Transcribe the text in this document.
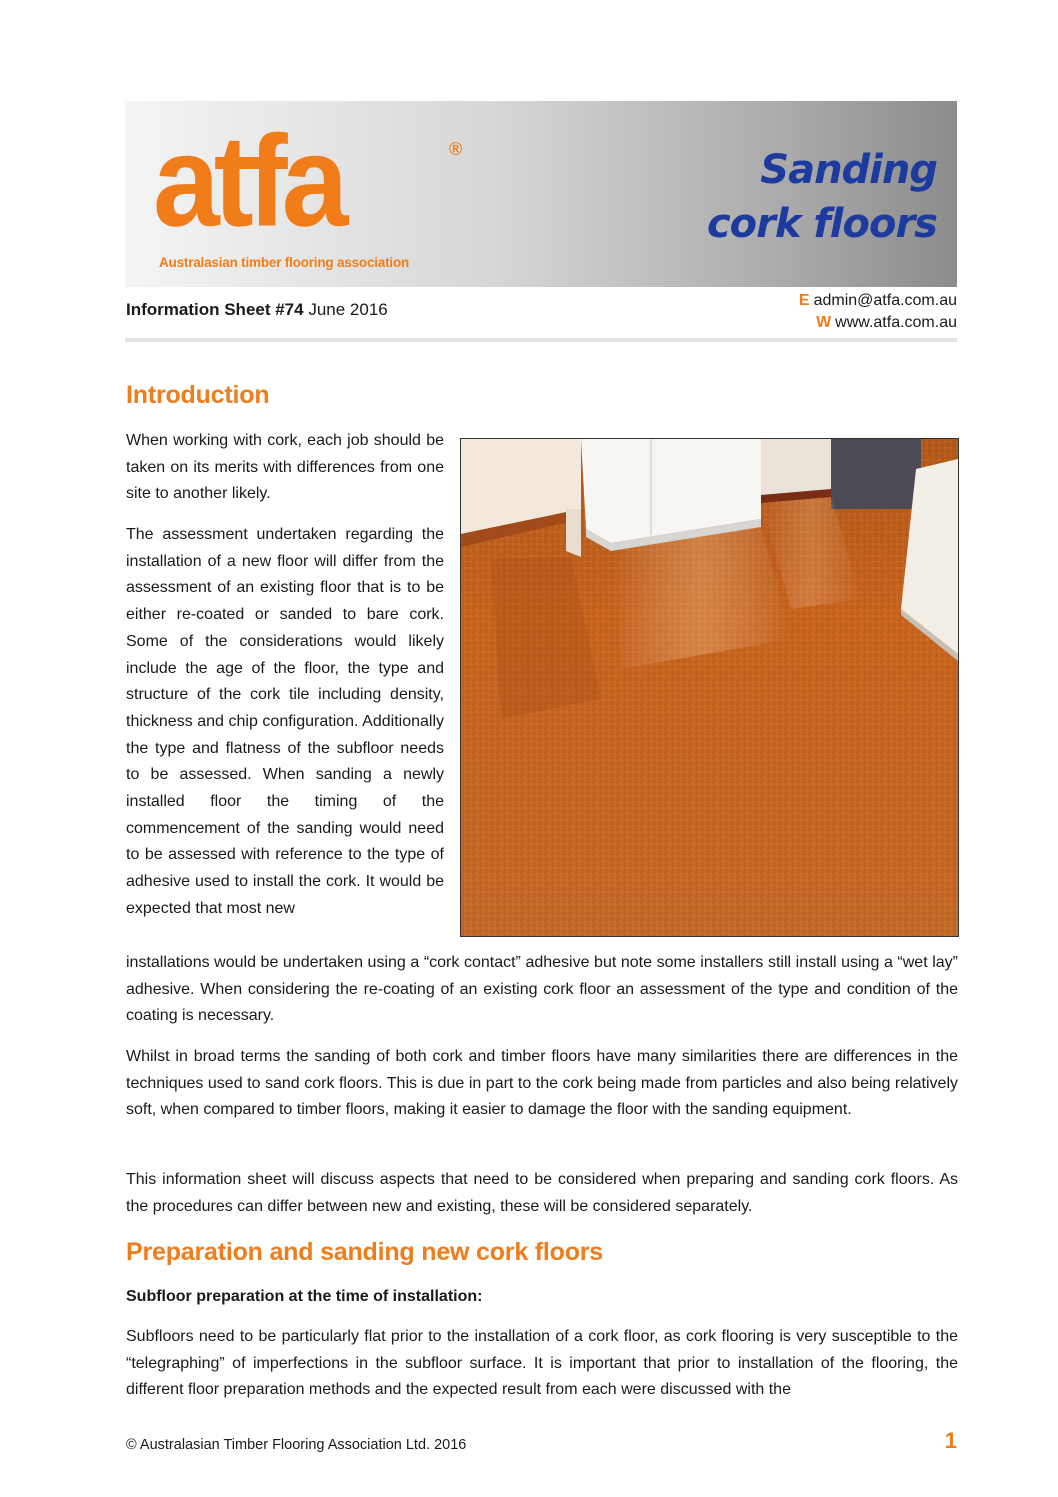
atfa	®
Australasian timber flooring association
Sanding
cork floors
Information Sheet #74 June 2016	E admin@atfa.com.au
W www.atfa.com.au
Introduction

When working with cork, each job should be taken on its merits with differences from one site to another likely.

The assessment undertaken regarding the installation of a new floor will differ from the assessment of an existing floor that is to be either re-coated or sanded to bare cork. Some of the considerations would likely include the age of the floor, the type and structure of the cork tile including density, thickness and chip configuration. Additionally the type and flatness of the subfloor needs to be assessed. When sanding a newly installed floor the timing of the commencement of the sanding would need to be assessed with reference to the type of adhesive used to install the cork. It would be expected that most new

installations would be undertaken using a “cork contact” adhesive but note some installers still install using a “wet lay” adhesive. When considering the re-coating of an existing cork floor an assessment of the type and condition of the coating is necessary.

Whilst in broad terms the sanding of both cork and timber floors have many similarities there are differences in the techniques used to sand cork floors. This is due in part to the cork being made from particles and also being relatively soft, when compared to timber floors, making it easier to damage the floor with the sanding equipment.

This information sheet will discuss aspects that need to be considered when preparing and sanding cork floors. As the procedures can differ between new and existing, these will be considered separately.

Preparation and sanding new cork floors
Subfloor preparation at the time of installation:

Subfloors need to be particularly flat prior to the installation of a cork floor, as cork flooring is very susceptible to the “telegraphing” of imperfections in the subfloor surface. It is important that prior to installation of the flooring, the different floor preparation methods and the expected result from each were discussed with the

© Australasian Timber Flooring Association Ltd. 2016	1
